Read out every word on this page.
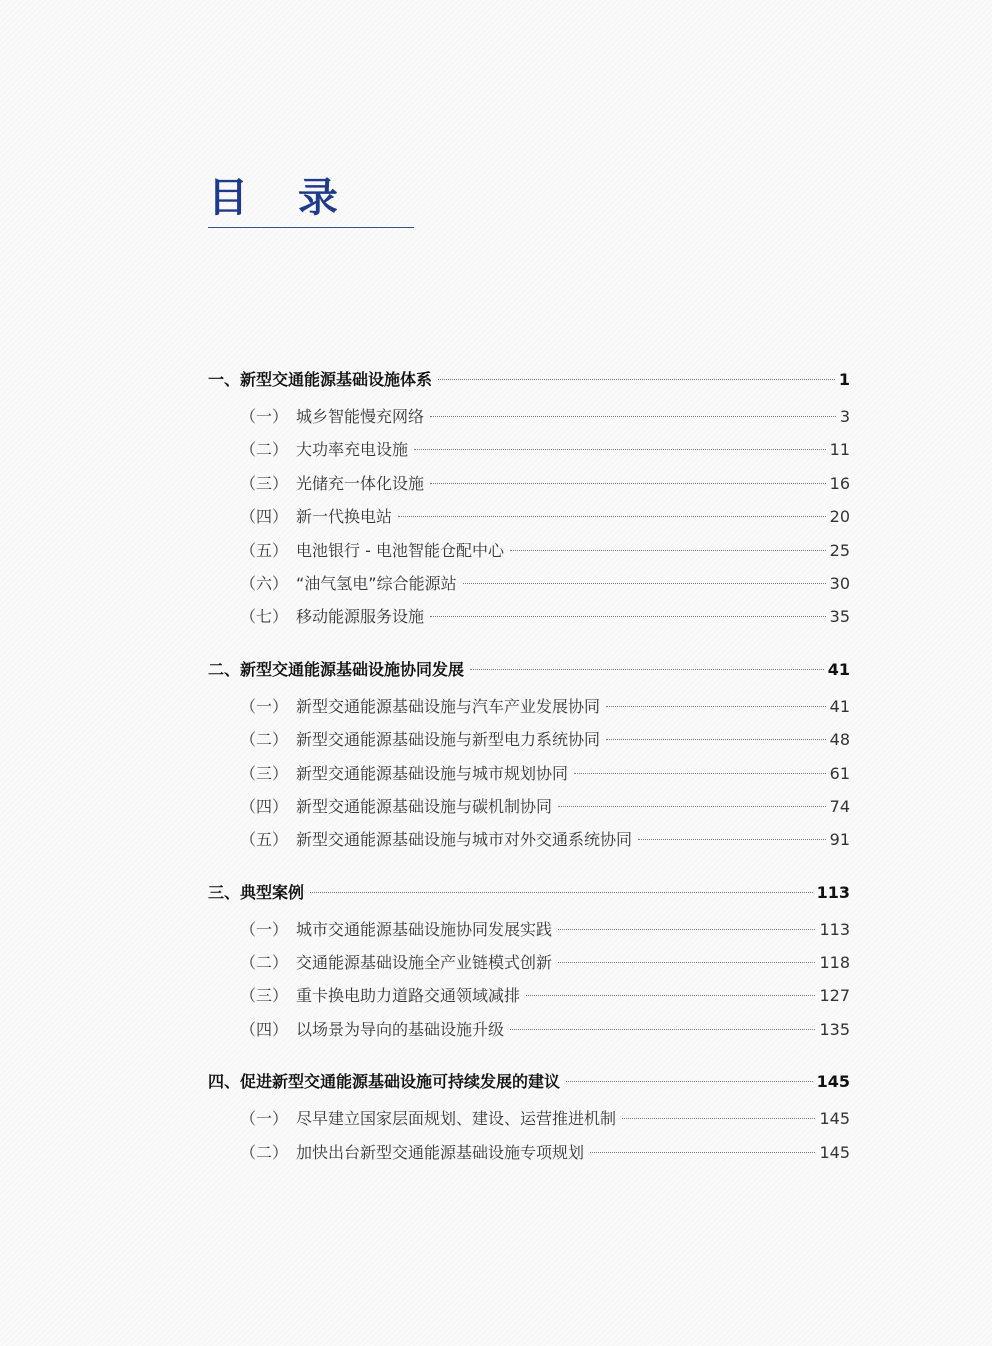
目 录
一、 新型交通能源基础设施体系	1
（一） 城乡智能慢充网络	3
（二） 大功率充电设施	11
（三） 光储充一体化设施	16
（四） 新一代换电站	20
（五） 电池银行 - 电池智能仓配中心	25
（六） “油气氢电”综合能源站	30
（七） 移动能源服务设施	35
二、 新型交通能源基础设施协同发展	41
（一） 新型交通能源基础设施与汽车产业发展协同	41
（二） 新型交通能源基础设施与新型电力系统协同	48
（三） 新型交通能源基础设施与城市规划协同	61
（四） 新型交通能源基础设施与碳机制协同	74
（五） 新型交通能源基础设施与城市对外交通系统协同	91
三、 典型案例	113
（一） 城市交通能源基础设施协同发展实践	113
（二） 交通能源基础设施全产业链模式创新	118
（三） 重卡换电助力道路交通领域减排	127
（四） 以场景为导向的基础设施升级	135
四、 促进新型交通能源基础设施可持续发展的建议	145
（一） 尽早建立国家层面规划、建设、运营推进机制	145
（二） 加快出台新型交通能源基础设施专项规划	145
